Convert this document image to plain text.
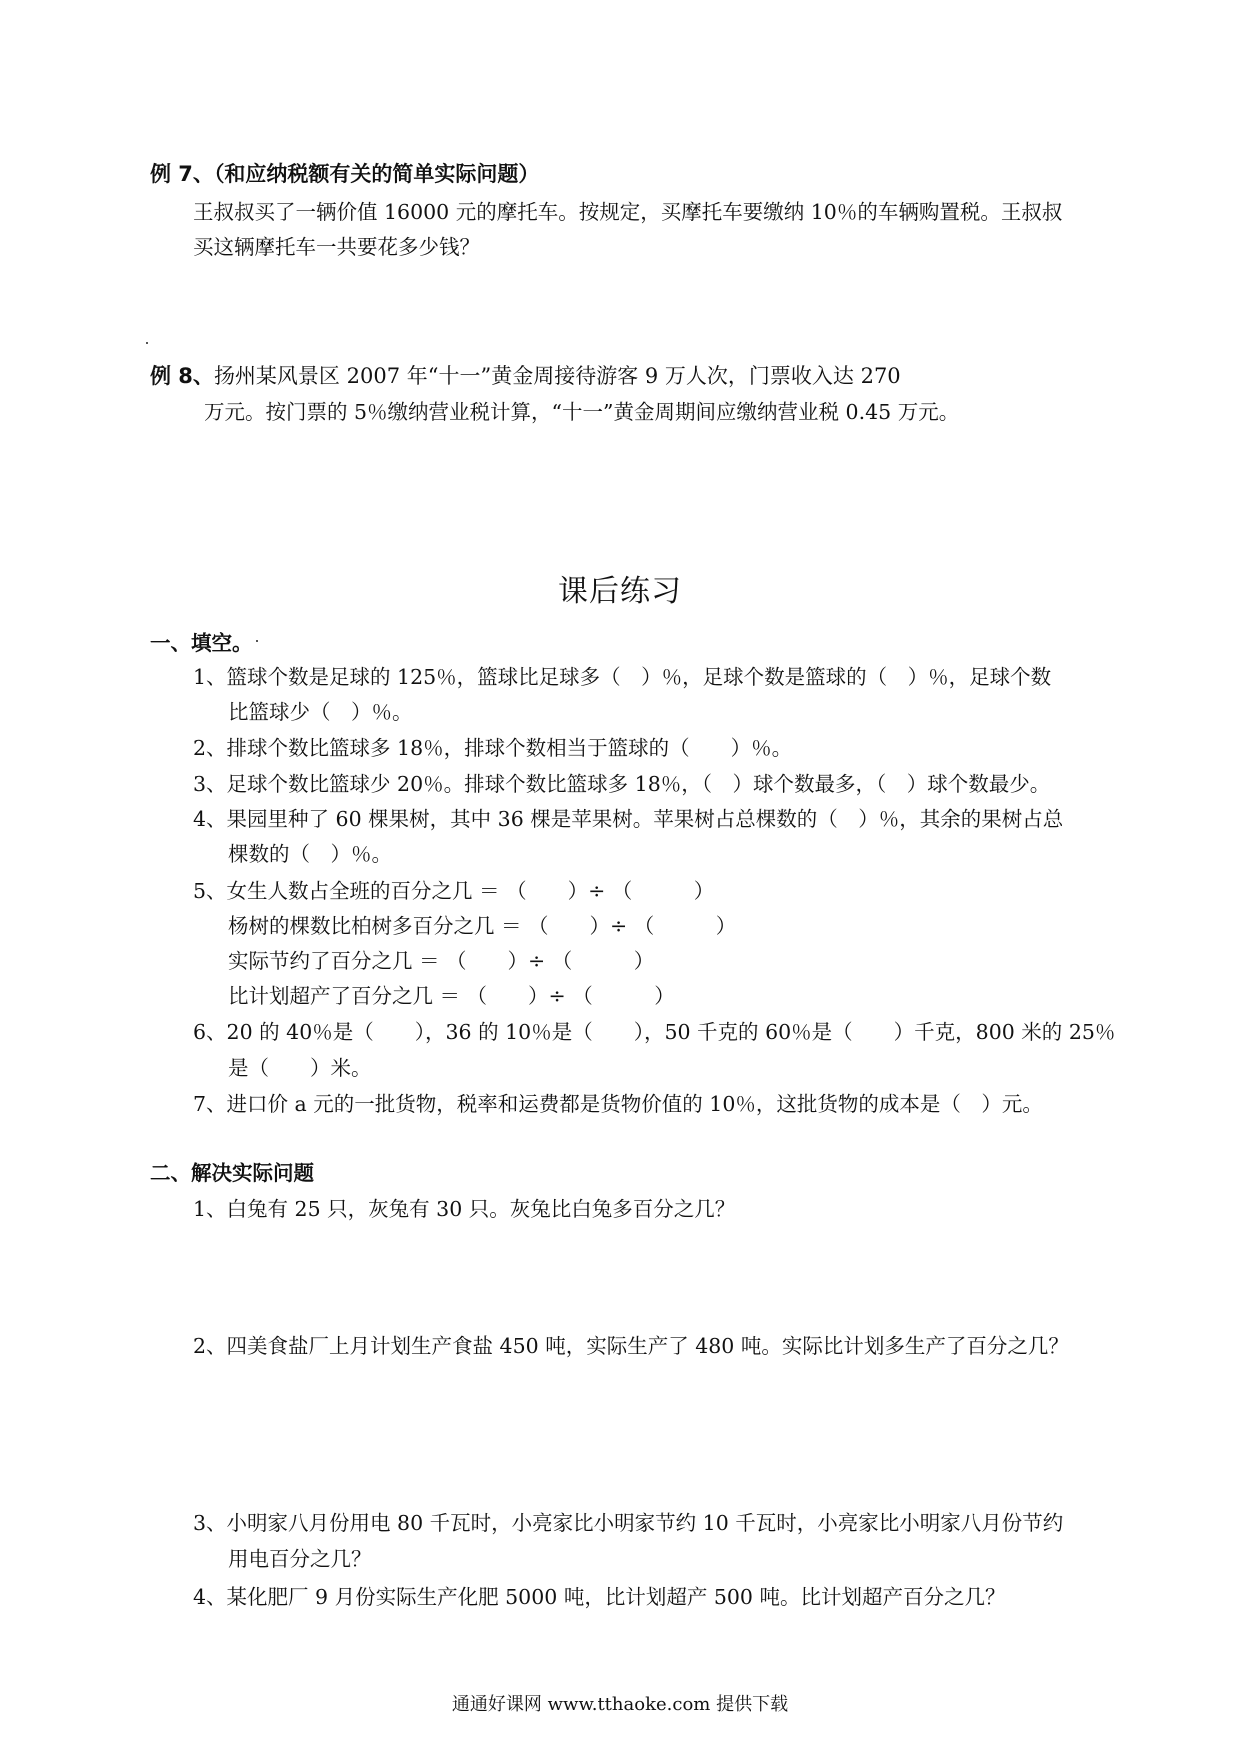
例 7、（和应纳税额有关的简单实际问题）
王叔叔买了一辆价值 16000 元的摩托车。按规定，买摩托车要缴纳 10％的车辆购置税。王叔叔
买这辆摩托车一共要花多少钱？
例 8、扬州某风景区 2007 年“十一”黄金周接待游客 9 万人次，门票收入达 270
万元。按门票的 5％缴纳营业税计算，“十一”黄金周期间应缴纳营业税 0.45 万元。
课后练习
一、填空。
1、篮球个数是足球的 125％，篮球比足球多（　）％，足球个数是篮球的（　）％，足球个数
比篮球少（　）％。
2、排球个数比篮球多 18％，排球个数相当于篮球的（　　）％。
3、足球个数比篮球少 20％。排球个数比篮球多 18％，（　）球个数最多，（　）球个数最少。
4、果园里种了 60 棵果树，其中 36 棵是苹果树。苹果树占总棵数的（　）％，其余的果树占总
棵数的（　）％。
5、女生人数占全班的百分之几 ＝ （　　）÷ （　　　）
杨树的棵数比柏树多百分之几 ＝ （　　）÷ （　　　）
实际节约了百分之几 ＝ （　　）÷ （　　　）
比计划超产了百分之几 ＝ （　　）÷ （　　　）
6、20 的 40％是（　　），36 的 10％是（　　），50 千克的 60％是（　　）千克，800 米的 25％
是（　　）米。
7、进口价 a 元的一批货物，税率和运费都是货物价值的 10％，这批货物的成本是（　）元。
二、解决实际问题
1、白兔有 25 只，灰兔有 30 只。灰兔比白兔多百分之几？
2、四美食盐厂上月计划生产食盐 450 吨，实际生产了 480 吨。实际比计划多生产了百分之几？
3、小明家八月份用电 80 千瓦时，小亮家比小明家节约 10 千瓦时，小亮家比小明家八月份节约
用电百分之几？
4、某化肥厂 9 月份实际生产化肥 5000 吨，比计划超产 500 吨。比计划超产百分之几？
通通好课网 www.tthaoke.com 提供下载
